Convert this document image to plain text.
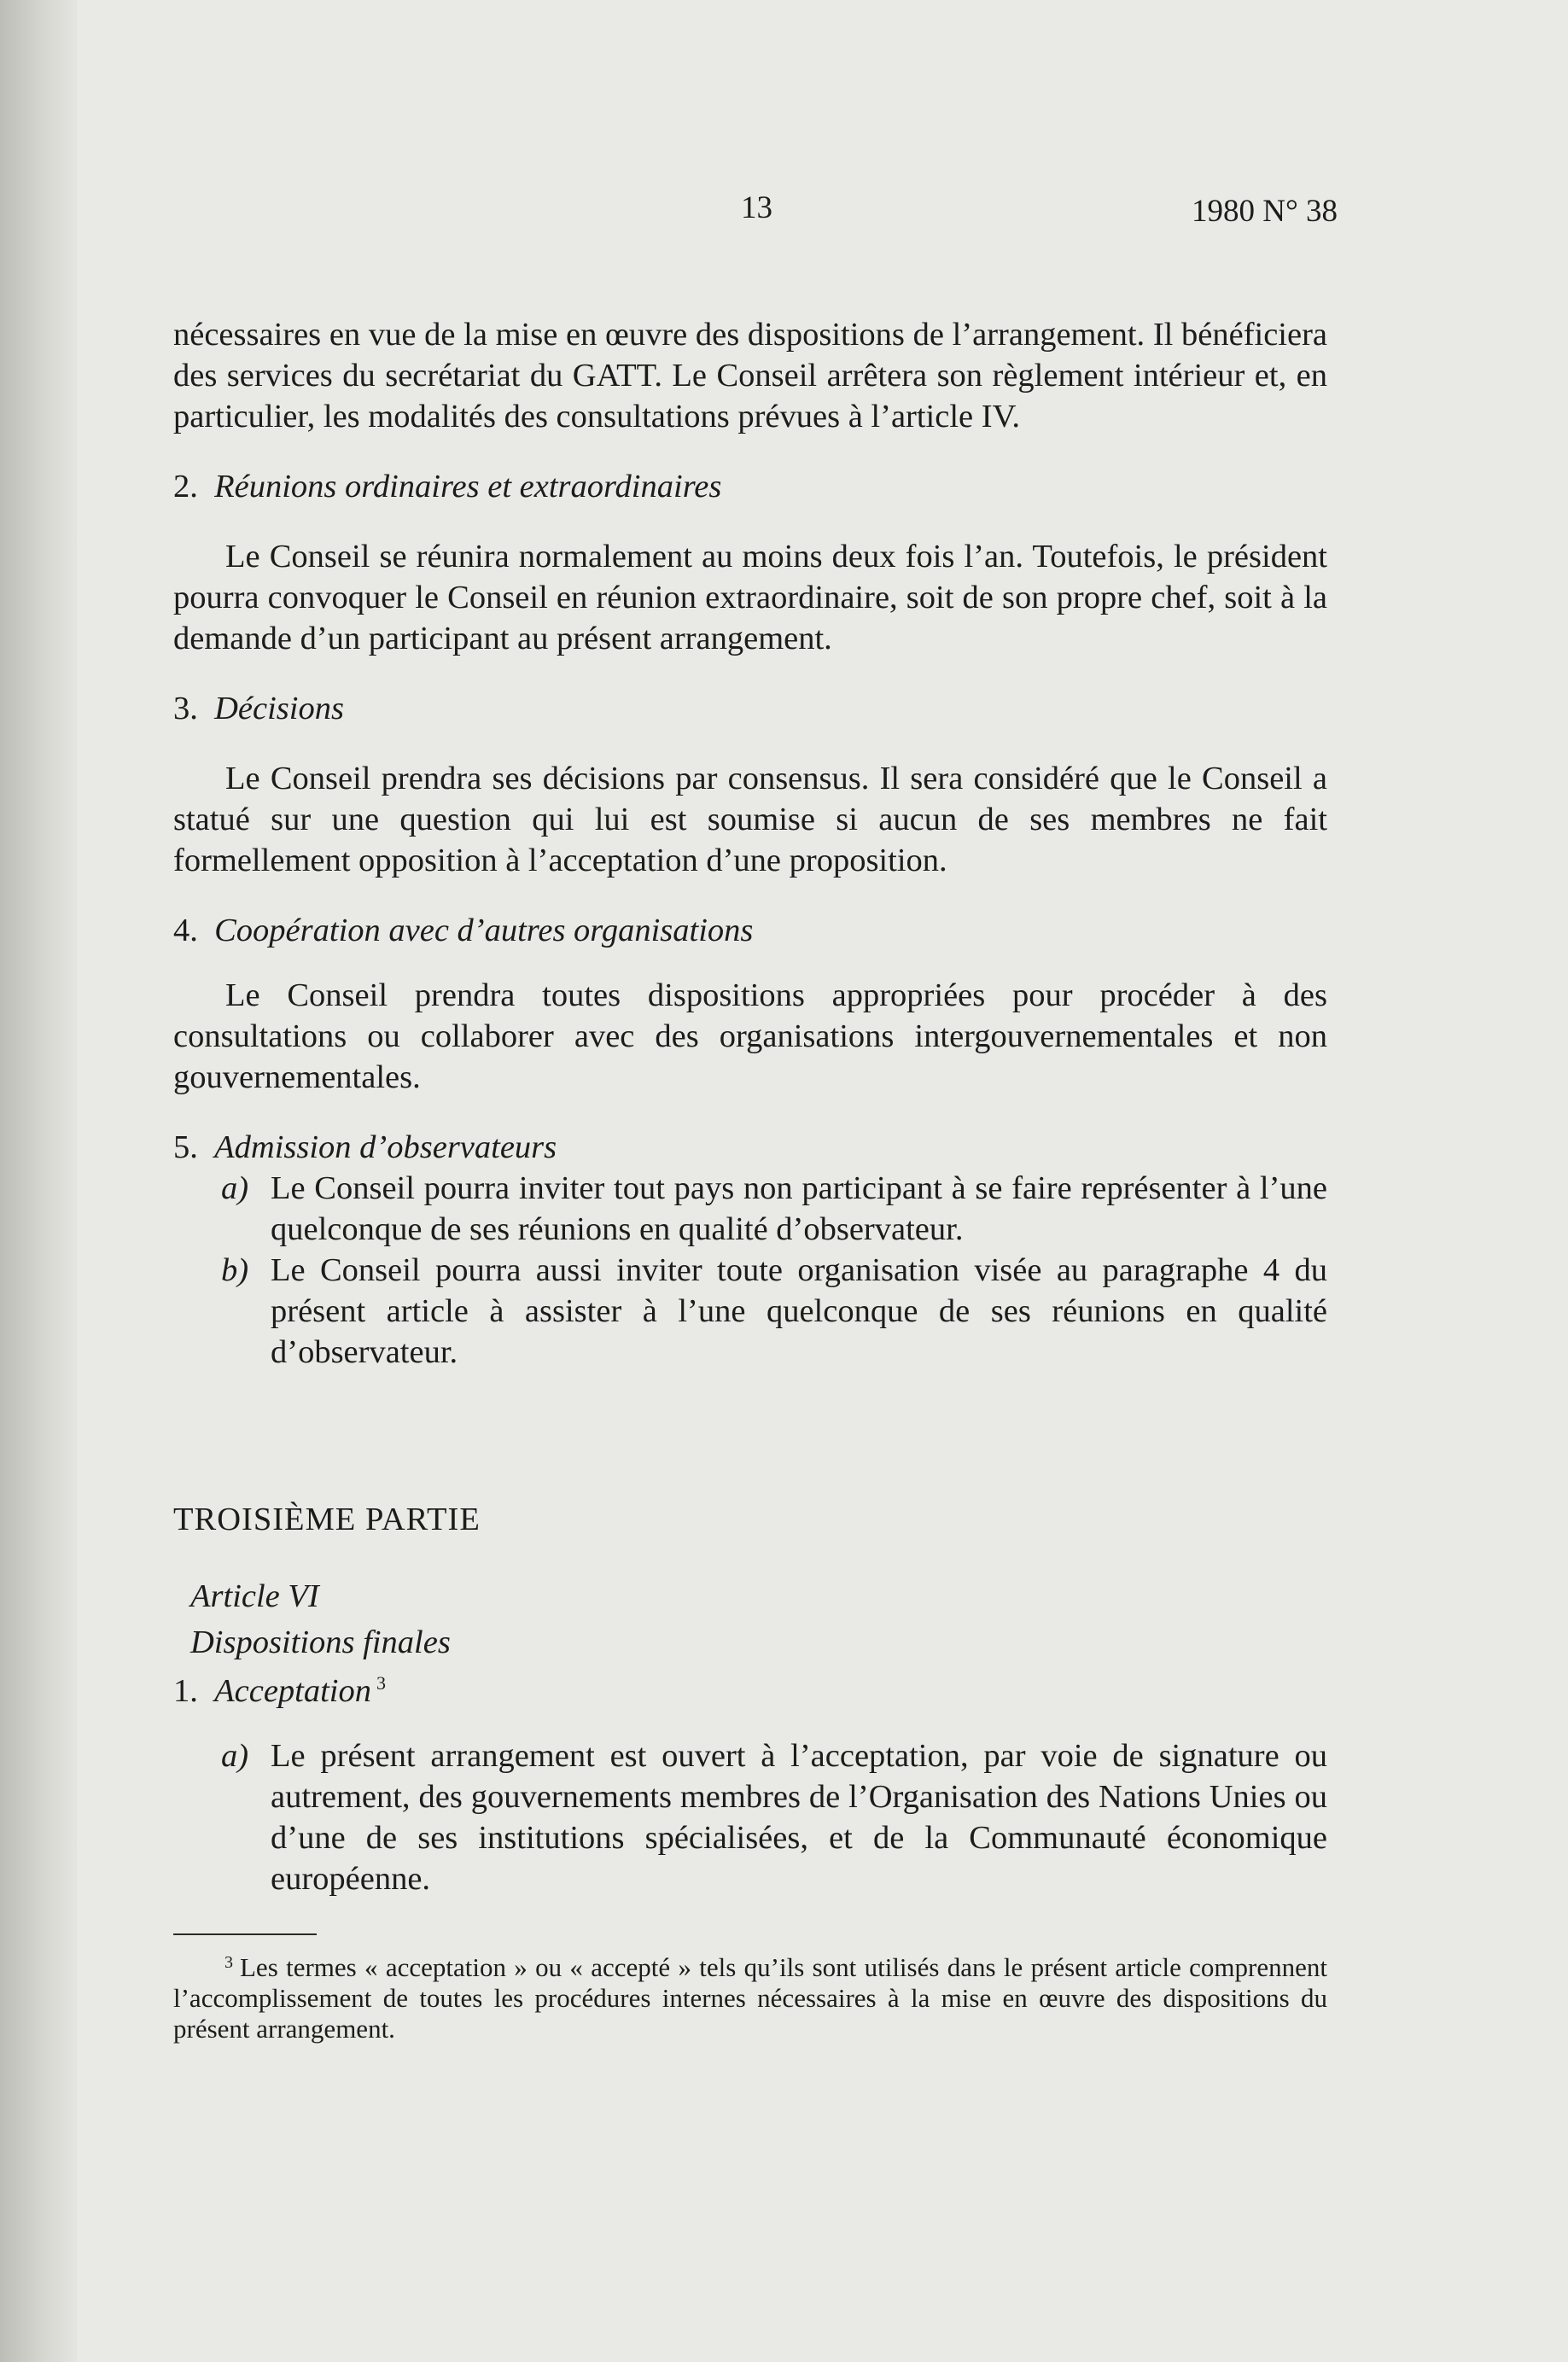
13	1980 N° 38

nécessaires en vue de la mise en œuvre des dispositions de l’arrangement. Il bénéficiera des services du secrétariat du GATT. Le Conseil arrêtera son règlement intérieur et, en particulier, les modalités des consultations prévues à l’article IV.

2. Réunions ordinaires et extraordinaires

Le Conseil se réunira normalement au moins deux fois l’an. Toutefois, le président pourra convoquer le Conseil en réunion extraordinaire, soit de son propre chef, soit à la demande d’un participant au présent arrangement.

3. Décisions

Le Conseil prendra ses décisions par consensus. Il sera considéré que le Conseil a statué sur une question qui lui est soumise si aucun de ses membres ne fait formellement opposition à l’acceptation d’une proposition.

4. Coopération avec d’autres organisations

Le Conseil prendra toutes dispositions appropriées pour procéder à des consultations ou collaborer avec des organisations intergouvernementales et non gouvernementales.

5. Admission d’observateurs

a) Le Conseil pourra inviter tout pays non participant à se faire représenter à l’une quelconque de ses réunions en qualité d’observateur.
b) Le Conseil pourra aussi inviter toute organisation visée au paragraphe 4 du présent article à assister à l’une quelconque de ses réunions en qualité d’observateur.

TROISIÈME PARTIE

Article VI

Dispositions finales

1. Acceptation $^3$

a) Le présent arrangement est ouvert à l’acceptation, par voie de signature ou autrement, des gouvernements membres de l’Organisation des Nations Unies ou d’une de ses institutions spécialisées, et de la Communauté économique européenne.

$^3$ Les termes « acceptation » ou « accepté » tels qu’ils sont utilisés dans le présent article comprennent l’accomplissement de toutes les procédures internes nécessaires à la mise en œuvre des dispositions du présent arrangement.
